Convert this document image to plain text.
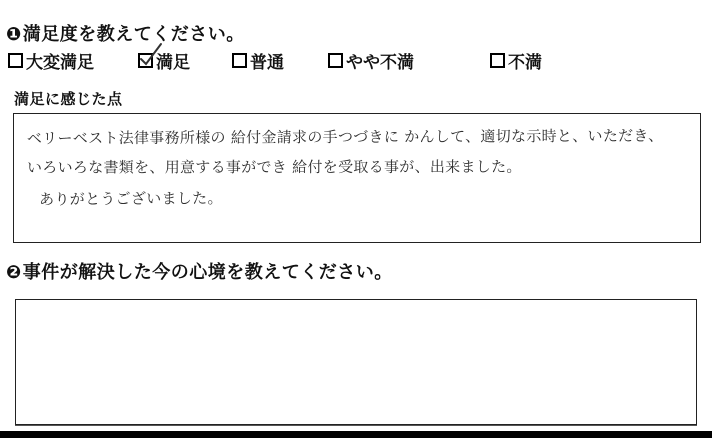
❶満足度を教えてください。
大変満足	満足	普通	やや不満	不満
満足に感じた点
ベリーベスト法律事務所様の 給付金請求の手つづきに かんして、適切な示時と、いただき、
いろいろな書類を、用意する事ができ 給付を受取る事が、出来ました。
ありがとうございました。
❷事件が解決した今の心境を教えてください。
